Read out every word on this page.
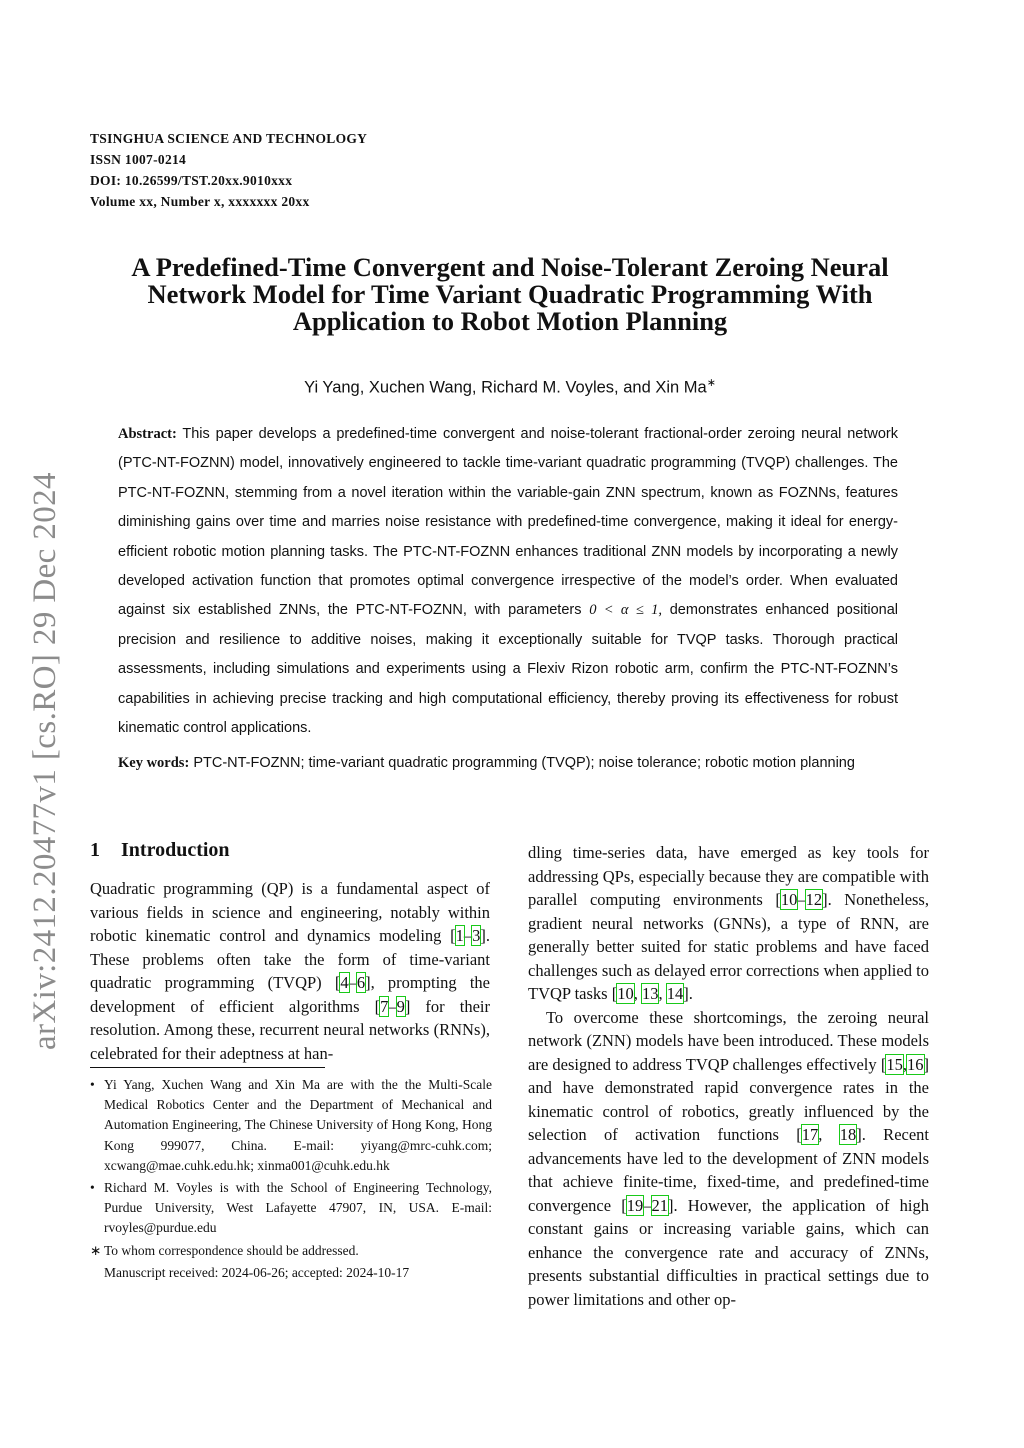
TSINGHUA SCIENCE AND TECHNOLOGY
ISSN 1007-0214
DOI: 10.26599/TST.20xx.9010xxx
Volume xx, Number x, xxxxxxx 20xx
arXiv:2412.20477v1 [cs.RO] 29 Dec 2024
A Predefined-Time Convergent and Noise-Tolerant Zeroing Neural
Network Model for Time Variant Quadratic Programming With
Application to Robot Motion Planning
Yi Yang, Xuchen Wang, Richard M. Voyles, and Xin Ma∗

Abstract: This paper develops a predefined-time convergent and noise-tolerant fractional-order zeroing neural network (PTC-NT-FOZNN) model, innovatively engineered to tackle time-variant quadratic programming (TVQP) challenges. The PTC-NT-FOZNN, stemming from a novel iteration within the variable-gain ZNN spectrum, known as FOZNNs, features diminishing gains over time and marries noise resistance with predefined-time convergence, making it ideal for energy-efficient robotic motion planning tasks. The PTC-NT-FOZNN enhances traditional ZNN models by incorporating a newly developed activation function that promotes optimal convergence irrespective of the model’s order. When evaluated against six established ZNNs, the PTC-NT-FOZNN, with parameters 0 < α ≤ 1, demonstrates enhanced positional precision and resilience to additive noises, making it exceptionally suitable for TVQP tasks. Thorough practical assessments, including simulations and experiments using a Flexiv Rizon robotic arm, confirm the PTC-NT-FOZNN’s capabilities in achieving precise tracking and high computational efficiency, thereby proving its effectiveness for robust kinematic control applications.

Key words: PTC-NT-FOZNN; time-variant quadratic programming (TVQP); noise tolerance; robotic motion planning

1 Introduction

Quadratic programming (QP) is a fundamental aspect of various fields in science and engineering, notably within robotic kinematic control and dynamics modeling [1–3]. These problems often take the form of time-variant quadratic programming (TVQP) [4–6], prompting the development of efficient algorithms [7–9] for their resolution. Among these, recurrent neural networks (RNNs), celebrated for their adeptness at han-

• Yi Yang, Xuchen Wang and Xin Ma are with the the Multi-Scale Medical Robotics Center and the Department of Mechanical and Automation Engineering, The Chinese University of Hong Kong, Hong Kong 999077, China. E-mail: yiyang@mrc-cuhk.com; xcwang@mae.cuhk.edu.hk; xinma001@cuhk.edu.hk

• Richard M. Voyles is with the School of Engineering Technology, Purdue University, West Lafayette 47907, IN, USA. E-mail: rvoyles@purdue.edu

∗ To whom correspondence should be addressed.

Manuscript received: 2024-06-26; accepted: 2024-10-17

dling time-series data, have emerged as key tools for addressing QPs, especially because they are compatible with parallel computing environments [10–12]. Nonetheless, gradient neural networks (GNNs), a type of RNN, are generally better suited for static problems and have faced challenges such as delayed error corrections when applied to TVQP tasks [10, 13, 14].

To overcome these shortcomings, the zeroing neural network (ZNN) models have been introduced. These models are designed to address TVQP challenges effectively [15,16] and have demonstrated rapid convergence rates in the kinematic control of robotics, greatly influenced by the selection of activation functions [17, 18]. Recent advancements have led to the development of ZNN models that achieve finite-time, fixed-time, and predefined-time convergence [19–21]. However, the application of high constant gains or increasing variable gains, which can enhance the convergence rate and accuracy of ZNNs, presents substantial difficulties in practical settings due to power limitations and other op-
